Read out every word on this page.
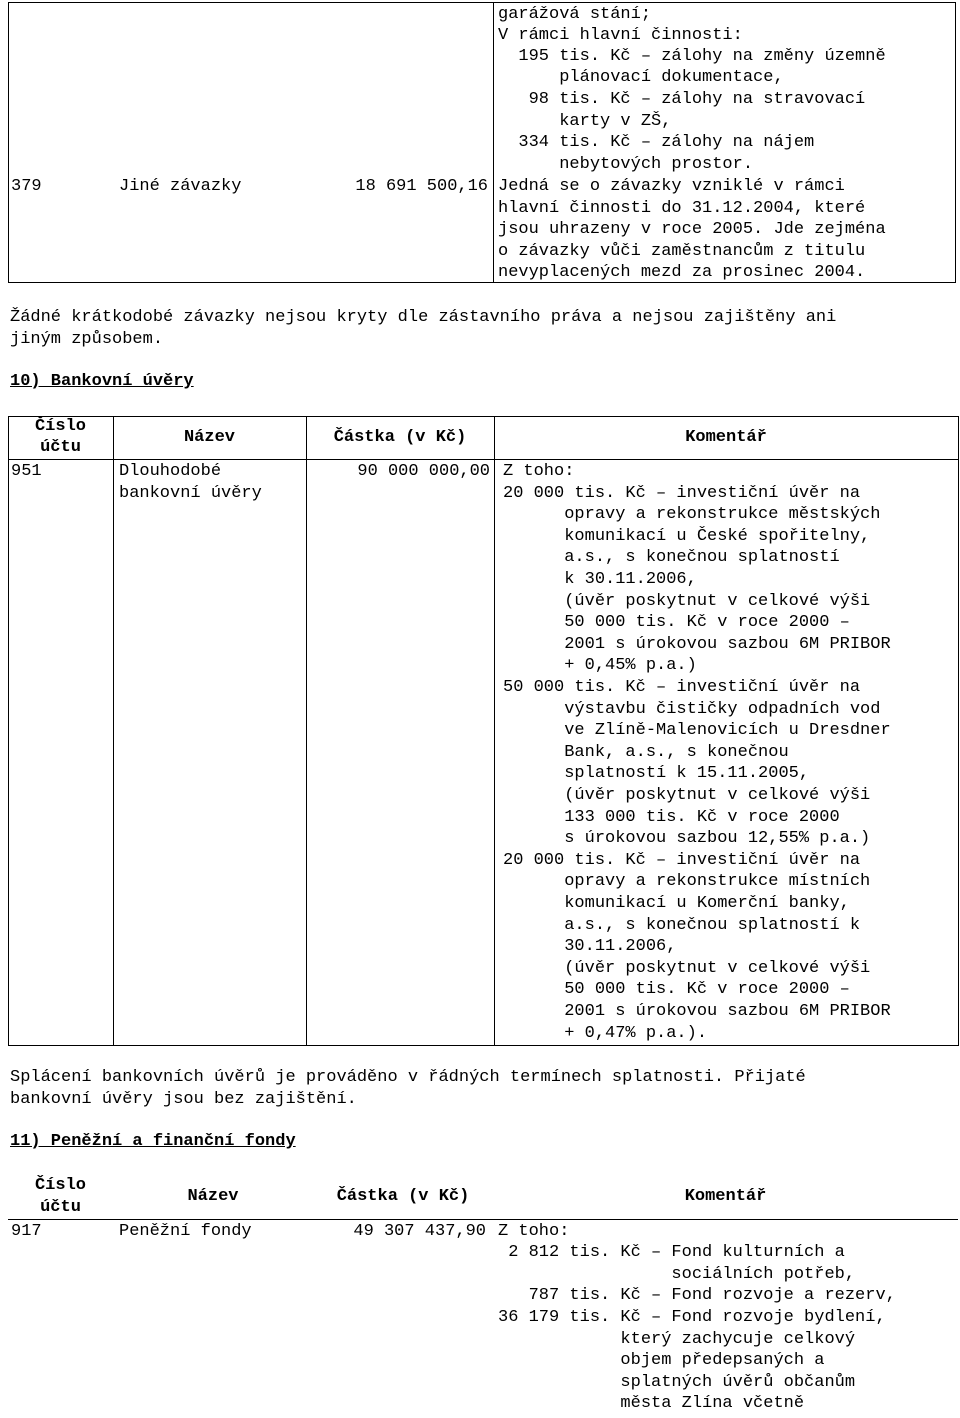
garážová stání;
V rámci hlavní činnosti:
195 tis. Kč – zálohy na změny územně
plánovací dokumentace,
98 tis. Kč – zálohy na stravovací
karty v ZŠ,
334 tis. Kč – zálohy na nájem
nebytových prostor.
379	Jiné závazky	18 691 500,16 Jedná se o závazky vzniklé v rámci
hlavní činnosti do 31.12.2004, které
jsou uhrazeny v roce 2005. Jde zejména
o závazky vůči zaměstnancům z titulu
nevyplacených mezd za prosinec 2004.
Žádné krátkodobé závazky nejsou kryty dle zástavního práva a nejsou zajištěny ani
jiným způsobem.
10) Bankovní úvěry
Číslo
účtu
Název	Částka (v Kč)	Komentář
951	Dlouhodobé
bankovní úvěry
90 000 000,00 Z toho:
20 000 tis. Kč – investiční úvěr na
opravy a rekonstrukce městských
komunikací u České spořitelny,
a.s., s konečnou splatností
k 30.11.2006,
(úvěr poskytnut v celkové výši
50 000 tis. Kč v roce 2000 –
2001 s úrokovou sazbou 6M PRIBOR
+ 0,45% p.a.)
50 000 tis. Kč – investiční úvěr na
výstavbu čističky odpadních vod
ve Zlíně-Malenovicích u Dresdner
Bank, a.s., s konečnou
splatností k 15.11.2005,
(úvěr poskytnut v celkové výši
133 000 tis. Kč v roce 2000
s úrokovou sazbou 12,55% p.a.)
20 000 tis. Kč – investiční úvěr na
opravy a rekonstrukce místních
komunikací u Komerční banky,
a.s., s konečnou splatností k
30.11.2006,
(úvěr poskytnut v celkové výši
50 000 tis. Kč v roce 2000 –
2001 s úrokovou sazbou 6M PRIBOR
+ 0,47% p.a.).
Splácení bankovních úvěrů je prováděno v řádných termínech splatnosti. Přijaté
bankovní úvěry jsou bez zajištění.
11) Peněžní a finanční fondy
Číslo
účtu
Název	Částka (v Kč)	Komentář
917	Peněžní fondy	49 307 437,90 Z toho:
2 812 tis. Kč – Fond kulturních a
sociálních potřeb,
787 tis. Kč – Fond rozvoje a rezerv,
36 179 tis. Kč – Fond rozvoje bydlení,
který zachycuje celkový
objem předepsaných a
splatných úvěrů občanům
města Zlína včetně
